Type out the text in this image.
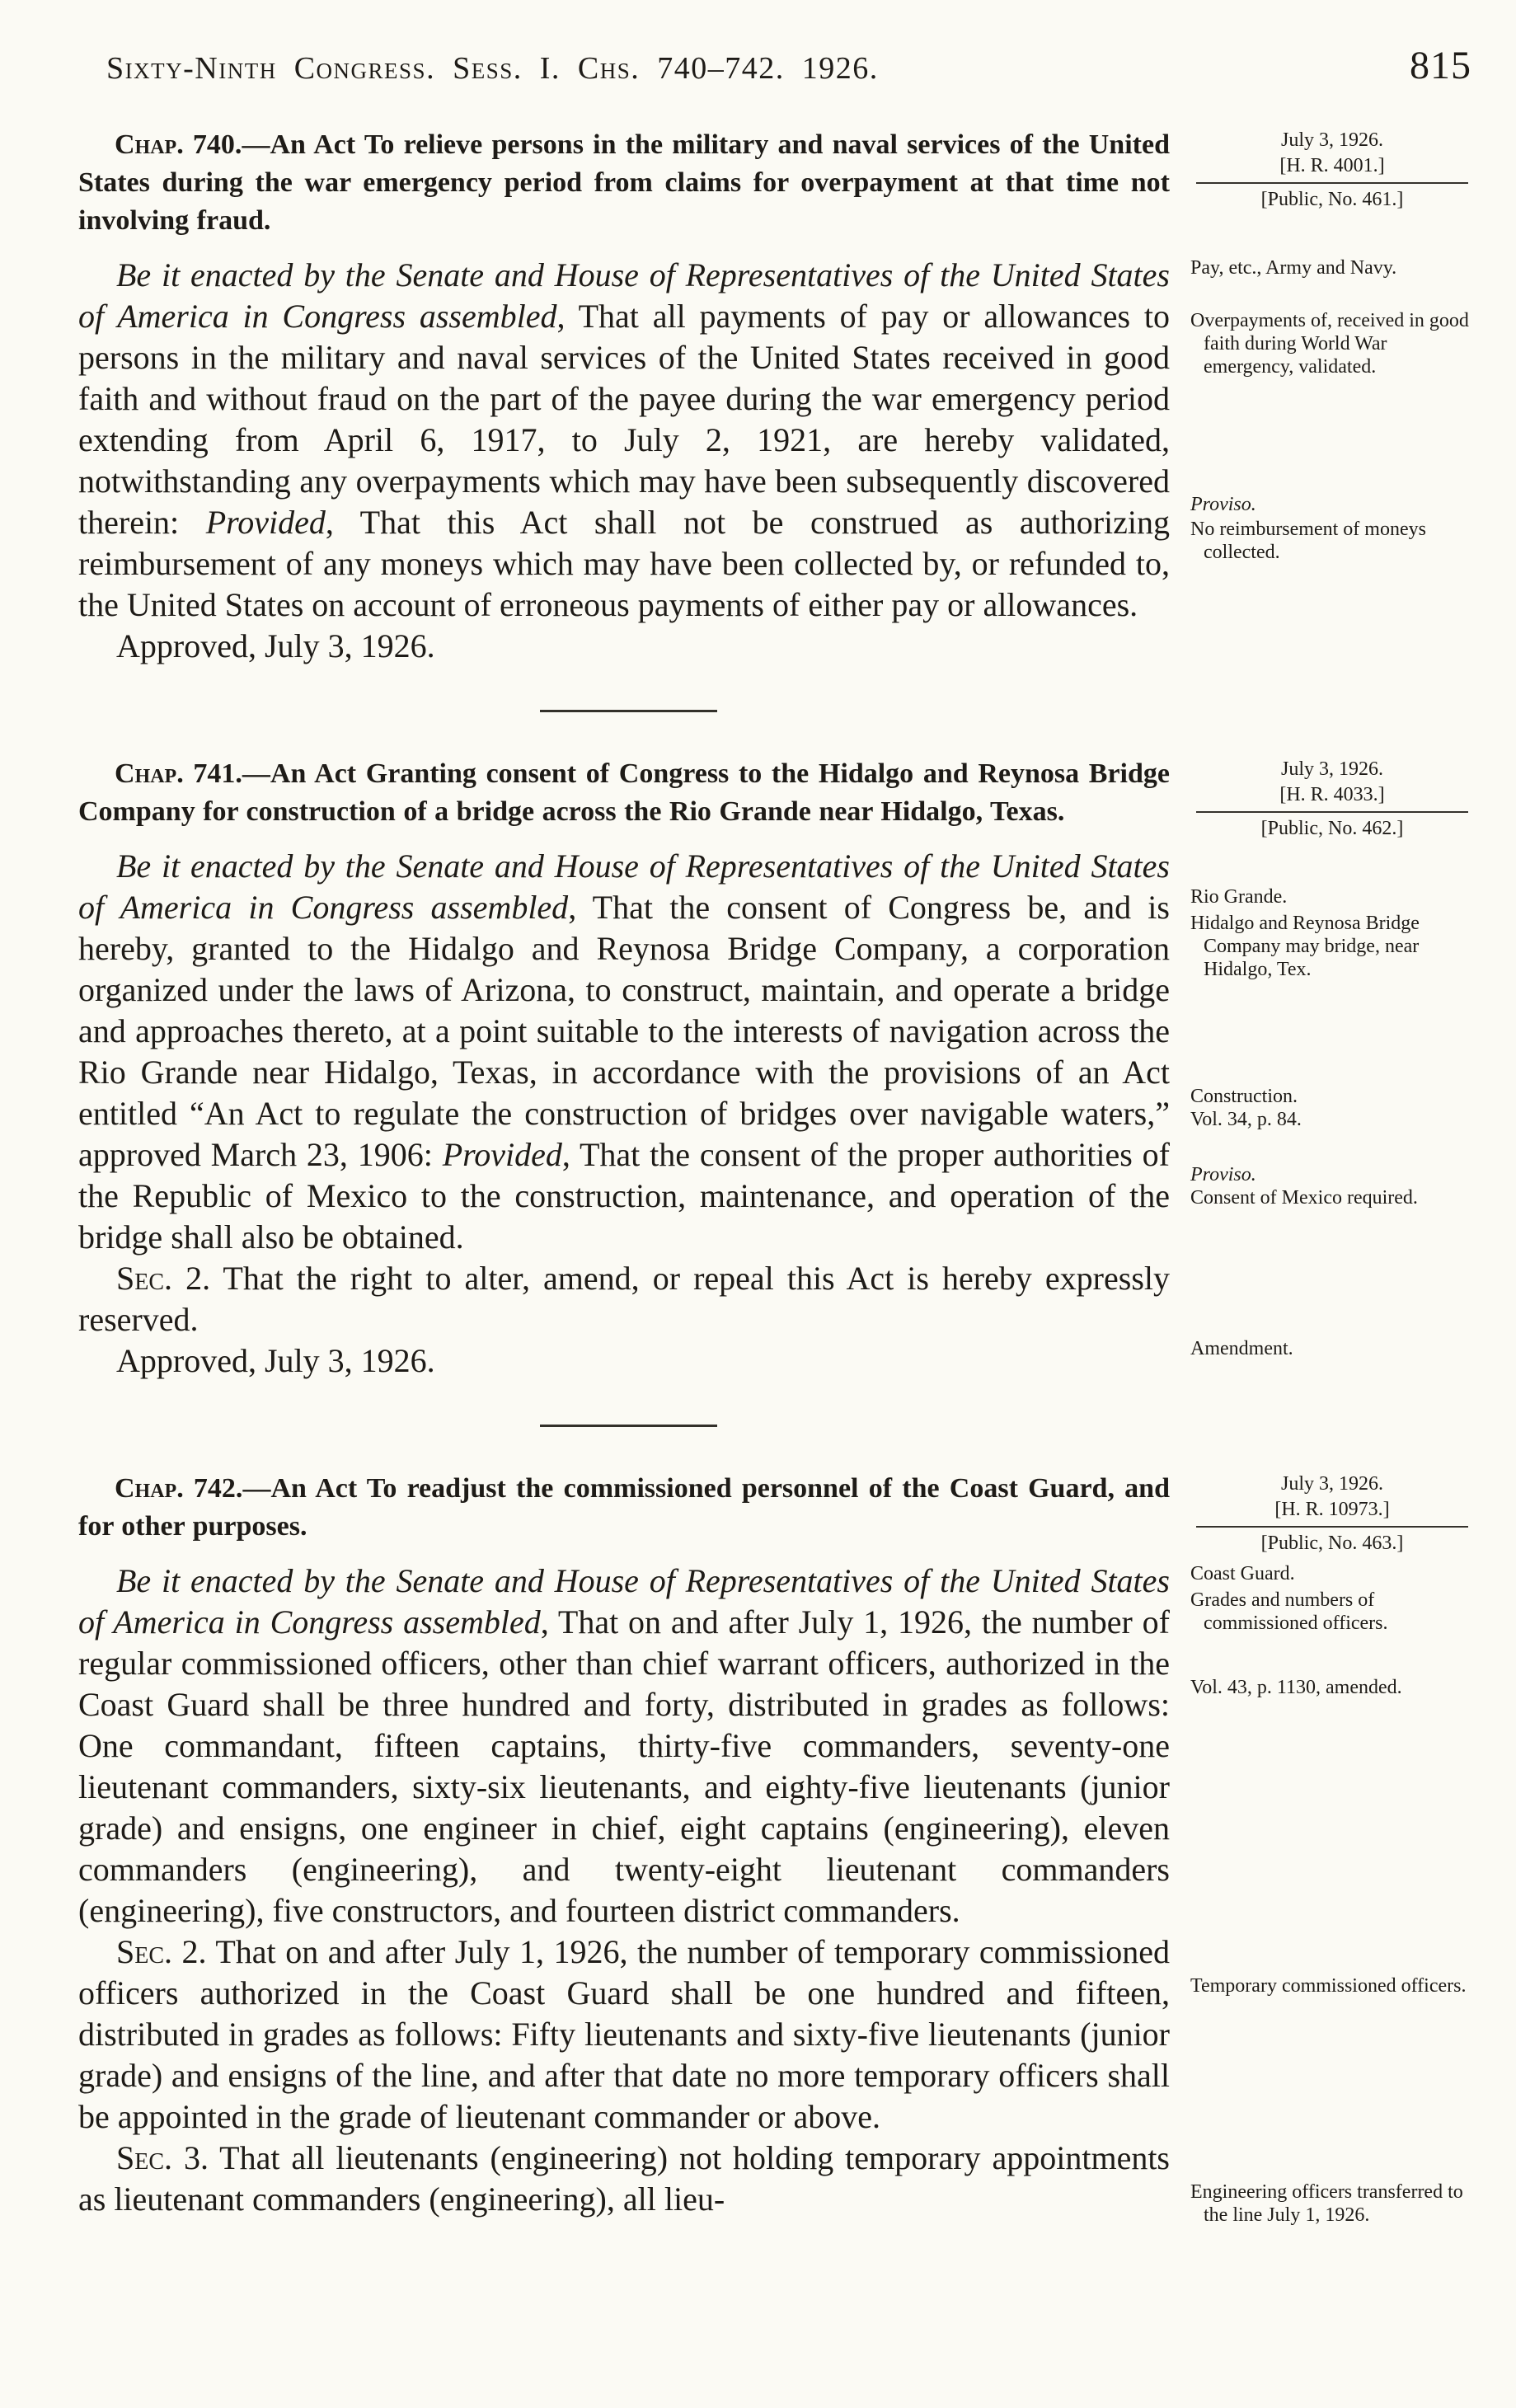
Sixty-Ninth Congress. Sess. I. Chs. 740–742. 1926.	815

Chap. 740.—An Act To relieve persons in the military and naval services of the United States during the war emergency period from claims for overpayment at that time not involving fraud.

Be it enacted by the Senate and House of Representatives of the United States of America in Congress assembled, That all payments of pay or allowances to persons in the military and naval services of the United States received in good faith and without fraud on the part of the payee during the war emergency period extending from April 6, 1917, to July 2, 1921, are hereby validated, notwithstanding any overpayments which may have been subsequently discovered therein: Provided, That this Act shall not be construed as authorizing reimbursement of any moneys which may have been collected by, or refunded to, the United States on account of erroneous payments of either pay or allowances.

Approved, July 3, 1926.

July 3, 1926.
[H. R. 4001.]
[Public, No. 461.]
Pay, etc., Army and Navy.
Overpayments of, received in good faith during World War emergency, validated.
Proviso.
No reimbursement of moneys collected.

Chap. 741.—An Act Granting consent of Congress to the Hidalgo and Reynosa Bridge Company for construction of a bridge across the Rio Grande near Hidalgo, Texas.

Be it enacted by the Senate and House of Representatives of the United States of America in Congress assembled, That the consent of Congress be, and is hereby, granted to the Hidalgo and Reynosa Bridge Company, a corporation organized under the laws of Arizona, to construct, maintain, and operate a bridge and approaches thereto, at a point suitable to the interests of navigation across the Rio Grande near Hidalgo, Texas, in accordance with the provisions of an Act entitled “An Act to regulate the construction of bridges over navigable waters,” approved March 23, 1906: Provided, That the consent of the proper authorities of the Republic of Mexico to the construction, maintenance, and operation of the bridge shall also be obtained.

Sec. 2. That the right to alter, amend, or repeal this Act is hereby expressly reserved.

Approved, July 3, 1926.

July 3, 1926.
[H. R. 4033.]
[Public, No. 462.]
Rio Grande.
Hidalgo and Reynosa Bridge Company may bridge, near Hidalgo, Tex.
Construction.
Vol. 34, p. 84.
Proviso.
Consent of Mexico required.
Amendment.

Chap. 742.—An Act To readjust the commissioned personnel of the Coast Guard, and for other purposes.

Be it enacted by the Senate and House of Representatives of the United States of America in Congress assembled, That on and after July 1, 1926, the number of regular commissioned officers, other than chief warrant officers, authorized in the Coast Guard shall be three hundred and forty, distributed in grades as follows: One commandant, fifteen captains, thirty-five commanders, seventy-one lieutenant commanders, sixty-six lieutenants, and eighty-five lieutenants (junior grade) and ensigns, one engineer in chief, eight captains (engineering), eleven commanders (engineering), and twenty-eight lieutenant commanders (engineering), five constructors, and fourteen district commanders.

Sec. 2. That on and after July 1, 1926, the number of temporary commissioned officers authorized in the Coast Guard shall be one hundred and fifteen, distributed in grades as follows: Fifty lieutenants and sixty-five lieutenants (junior grade) and ensigns of the line, and after that date no more temporary officers shall be appointed in the grade of lieutenant commander or above.

Sec. 3. That all lieutenants (engineering) not holding temporary appointments as lieutenant commanders (engineering), all lieu-

July 3, 1926.
[H. R. 10973.]
[Public, No. 463.]
Coast Guard.
Grades and numbers of commissioned officers.
Vol. 43, p. 1130, amended.
Temporary commissioned officers.
Engineering officers transferred to the line July 1, 1926.
